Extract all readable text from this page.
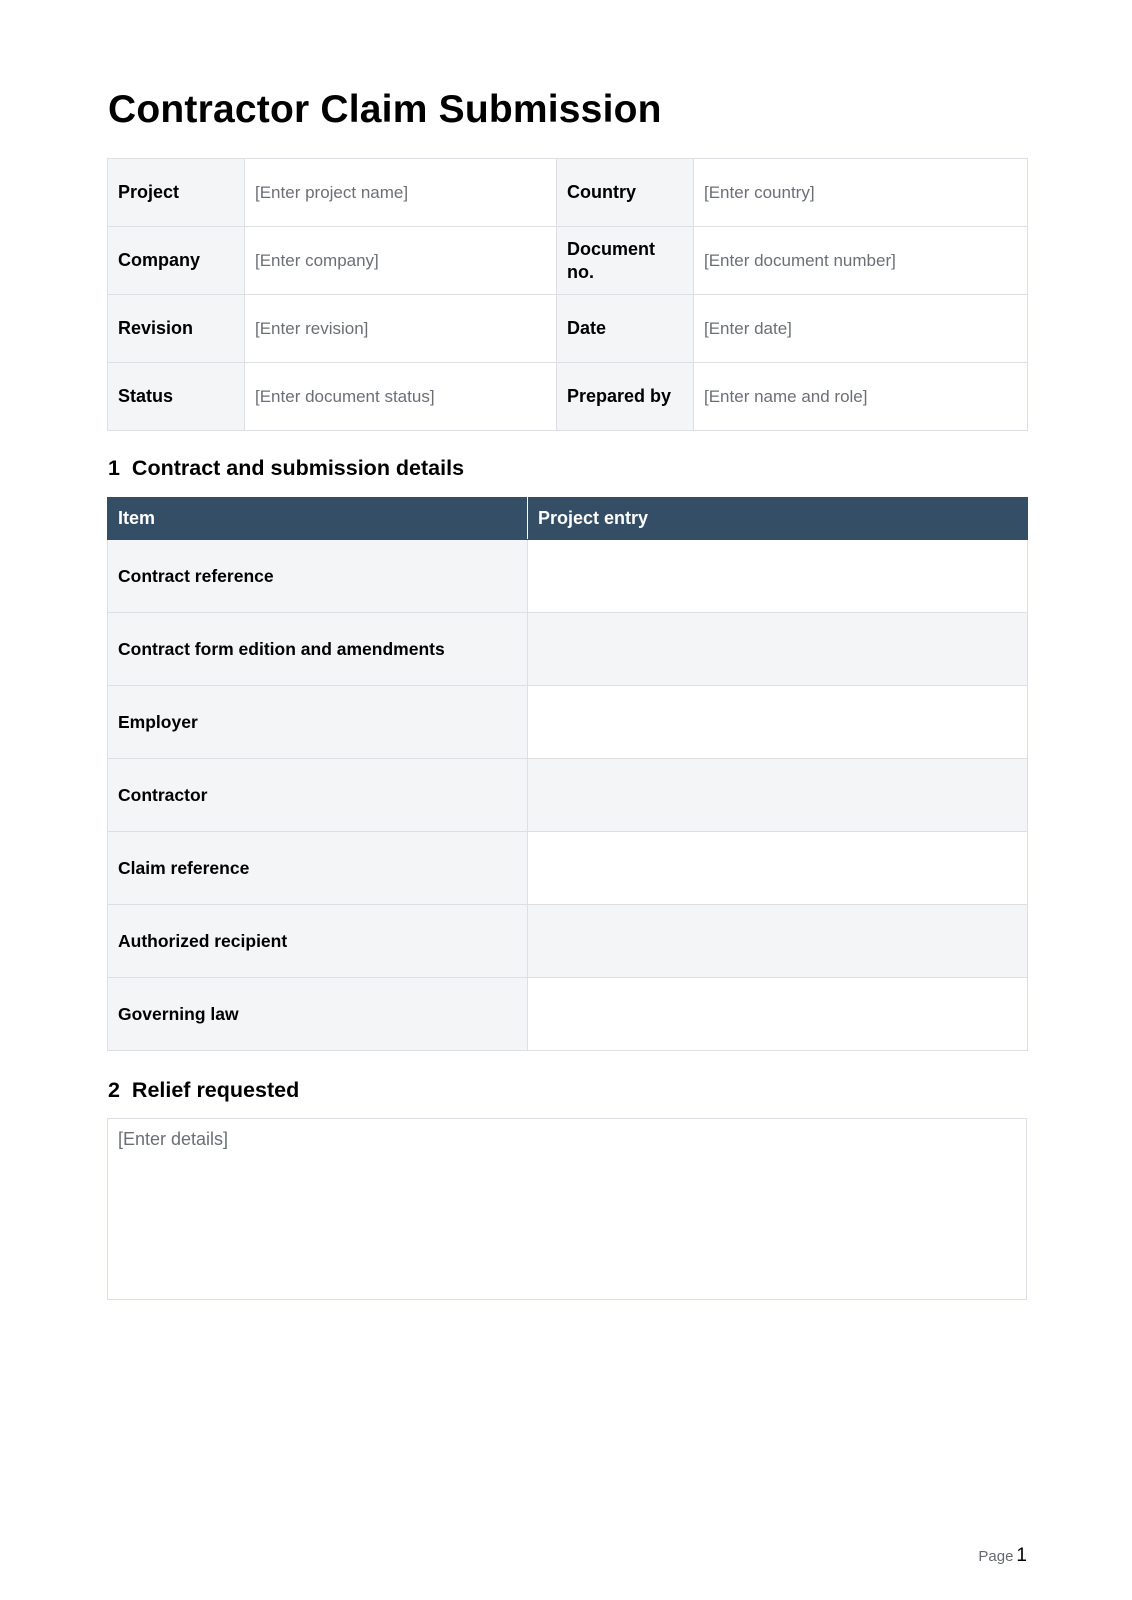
Contractor Claim Submission
Project	[Enter project name]	Country	[Enter country]
Company	[Enter company]	Document no.	[Enter document number]
Revision	[Enter revision]	Date	[Enter date]
Status	[Enter document status]	Prepared by	[Enter name and role]
1 Contract and submission details
Item	Project entry
Contract reference	
Contract form edition and amendments	
Employer	
Contractor	
Claim reference	
Authorized recipient	
Governing law	
2 Relief requested
[Enter details]
Page 1
